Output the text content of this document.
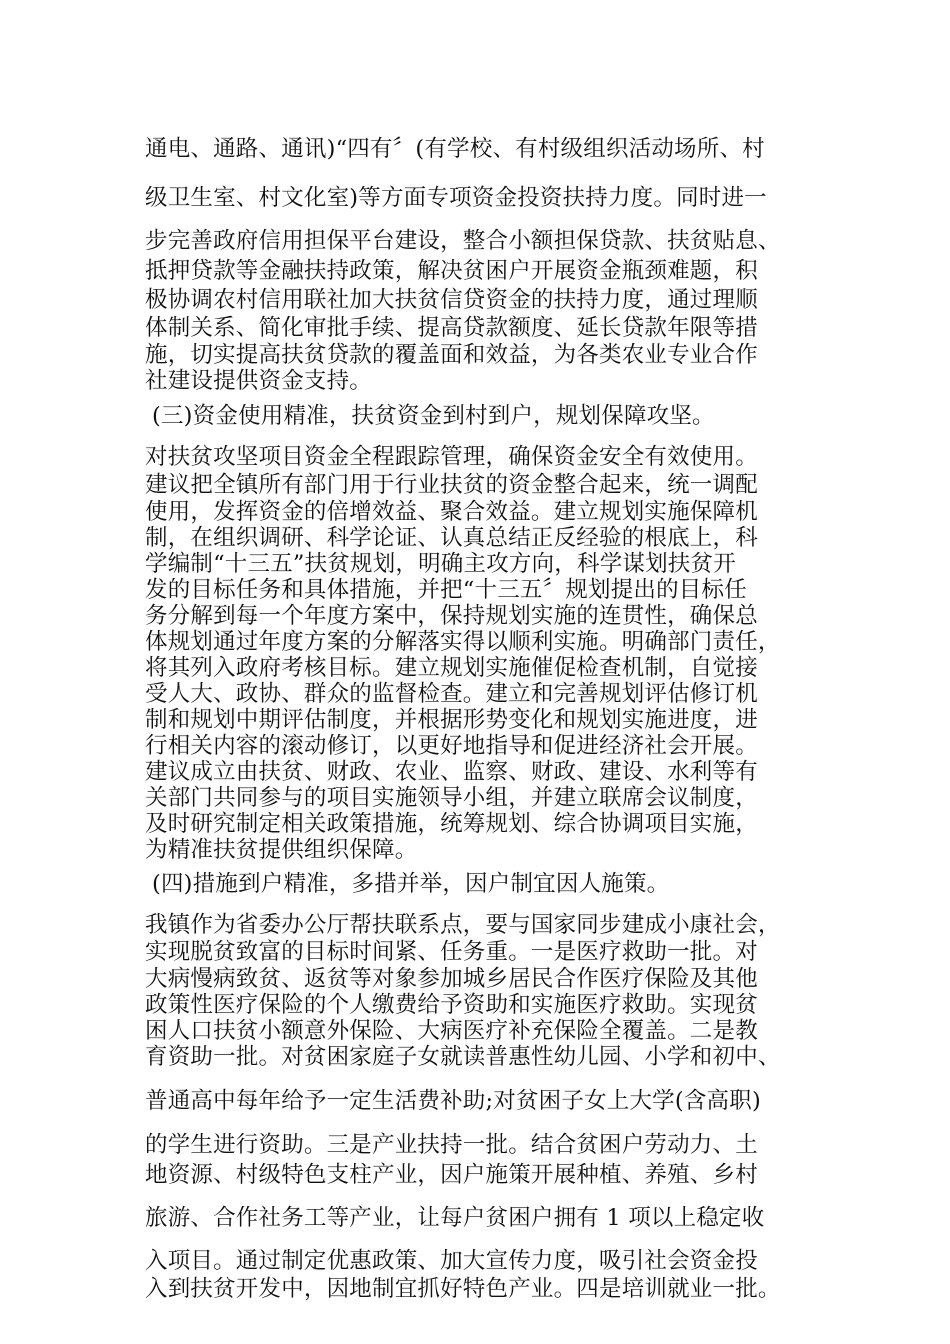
通电、通路、通讯)“四有〞(有学校、有村级组织活动场所、村

级卫生室、村文化室)等方面专项资金投资扶持力度。同时进一

步完善政府信用担保平台建设，整合小额担保贷款、扶贫贴息、

抵押贷款等金融扶持政策，解决贫困户开展资金瓶颈难题，积

极协调农村信用联社加大扶贫信贷资金的扶持力度，通过理顺

体制关系、简化审批手续、提高贷款额度、延长贷款年限等措

施，切实提高扶贫贷款的覆盖面和效益，为各类农业专业合作

社建设提供资金支持。

(三)资金使用精准，扶贫资金到村到户，规划保障攻坚。

对扶贫攻坚项目资金全程跟踪管理，确保资金安全有效使用。

建议把全镇所有部门用于行业扶贫的资金整合起来，统一调配

使用，发挥资金的倍增效益、聚合效益。建立规划实施保障机

制，在组织调研、科学论证、认真总结正反经验的根底上，科

学编制“十三五”扶贫规划，明确主攻方向，科学谋划扶贫开

发的目标任务和具体措施，并把“十三五〞规划提出的目标任

务分解到每一个年度方案中，保持规划实施的连贯性，确保总

体规划通过年度方案的分解落实得以顺利实施。明确部门责任，

将其列入政府考核目标。建立规划实施催促检查机制，自觉接

受人大、政协、群众的监督检查。建立和完善规划评估修订机

制和规划中期评估制度，并根据形势变化和规划实施进度，进

行相关内容的滚动修订，以更好地指导和促进经济社会开展。

建议成立由扶贫、财政、农业、监察、财政、建设、水利等有

关部门共同参与的项目实施领导小组，并建立联席会议制度，

及时研究制定相关政策措施，统筹规划、综合协调项目实施，

为精准扶贫提供组织保障。

(四)措施到户精准，多措并举，因户制宜因人施策。

我镇作为省委办公厅帮扶联系点，要与国家同步建成小康社会，

实现脱贫致富的目标时间紧、任务重。一是医疗救助一批。对

大病慢病致贫、返贫等对象参加城乡居民合作医疗保险及其他

政策性医疗保险的个人缴费给予资助和实施医疗救助。实现贫

困人口扶贫小额意外保险、大病医疗补充保险全覆盖。二是教

育资助一批。对贫困家庭子女就读普惠性幼儿园、小学和初中、

普通高中每年给予一定生活费补助;对贫困子女上大学(含高职)

的学生进行资助。三是产业扶持一批。结合贫困户劳动力、土

地资源、村级特色支柱产业，因户施策开展种植、养殖、乡村

旅游、合作社务工等产业，让每户贫困户拥有 1 项以上稳定收

入项目。通过制定优惠政策、加大宣传力度，吸引社会资金投

入到扶贫开发中，因地制宜抓好特色产业。四是培训就业一批。
